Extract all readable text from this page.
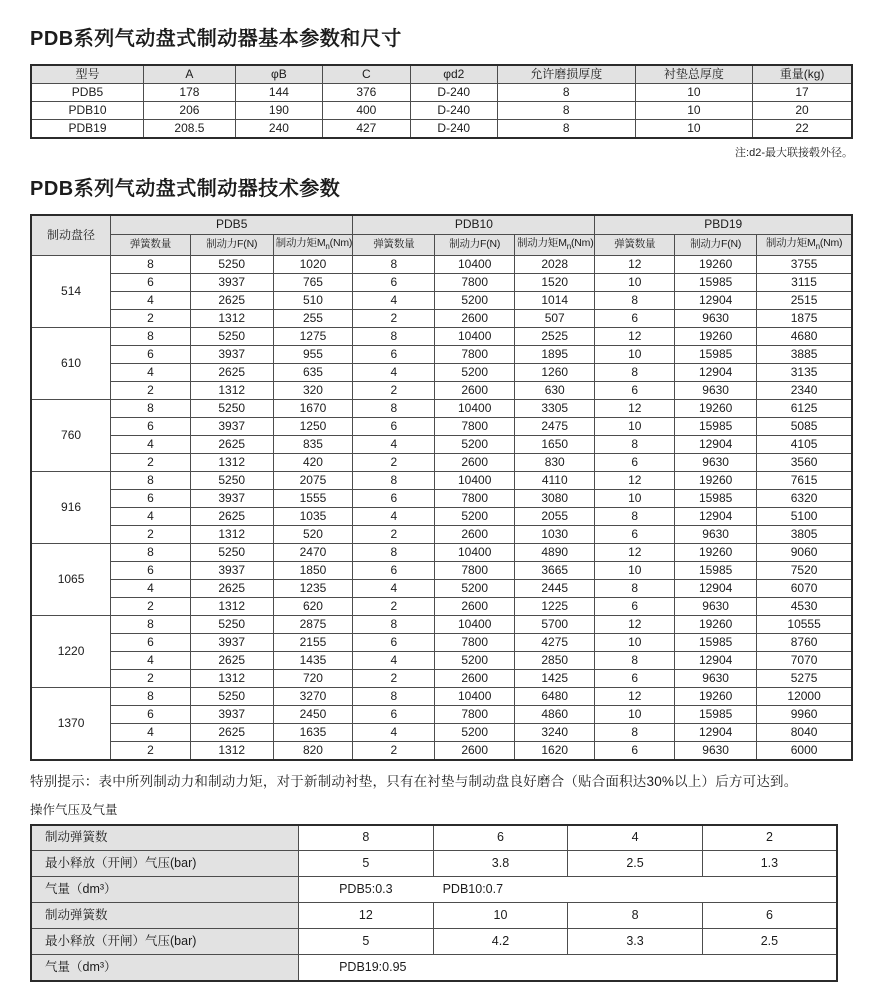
PDB系列气动盘式制动器基本参数和尺寸
型号	A	φB	C	φd2	允许磨损厚度	衬垫总厚度	重量(kg)
PDB5	178	144	376	D-240	8	10	17
PDB10	206	190	400	D-240	8	10	20
PDB19	208.5	240	427	D-240	8	10	22
注:d2-最大联接毂外径。
PDB系列气动盘式制动器技术参数
制动盘径	PDB5			PDB10			PBD19		
	弹簧数量	制动力F(N)	制动力矩$M_n(Nm)$	弹簧数量	制动力F(N)	制动力矩$M_n(Nm)$	弹簧数量	制动力F(N)	制动力矩$M_n(Nm)$
514	8	5250	1020	8	10400	2028	12	19260	3755
	6	3937	765	6	7800	1520	10	15985	3115
	4	2625	510	4	5200	1014	8	12904	2515
	2	1312	255	2	2600	507	6	9630	1875
610	8	5250	1275	8	10400	2525	12	19260	4680
	6	3937	955	6	7800	1895	10	15985	3885
	4	2625	635	4	5200	1260	8	12904	3135
	2	1312	320	2	2600	630	6	9630	2340
760	8	5250	1670	8	10400	3305	12	19260	6125
	6	3937	1250	6	7800	2475	10	15985	5085
	4	2625	835	4	5200	1650	8	12904	4105
	2	1312	420	2	2600	830	6	9630	3560
916	8	5250	2075	8	10400	4110	12	19260	7615
	6	3937	1555	6	7800	3080	10	15985	6320
	4	2625	1035	4	5200	2055	8	12904	5100
	2	1312	520	2	2600	1030	6	9630	3805
1065	8	5250	2470	8	10400	4890	12	19260	9060
	6	3937	1850	6	7800	3665	10	15985	7520
	4	2625	1235	4	5200	2445	8	12904	6070
	2	1312	620	2	2600	1225	6	9630	4530
1220	8	5250	2875	8	10400	5700	12	19260	10555
	6	3937	2155	6	7800	4275	10	15985	8760
	4	2625	1435	4	5200	2850	8	12904	7070
	2	1312	720	2	2600	1425	6	9630	5275
1370	8	5250	3270	8	10400	6480	12	19260	12000
	6	3937	2450	6	7800	4860	10	15985	9960
	4	2625	1635	4	5200	3240	8	12904	8040
	2	1312	820	2	2600	1620	6	9630	6000

特别提示：表中所列制动力和制动力矩，对于新制动衬垫，只有在衬垫与制动盘良好磨合（贴合面积达30%以上）后方可达到。

操作气压及气量

制动弹簧数	8	6	4	2
最小释放（开闸）气压(bar)	5	3.8	2.5	1.3
气量（dm³）	PDB5:0.3 PDB10:0.7			
制动弹簧数	12	10	8	6
最小释放（开闸）气压(bar)	5	4.2	3.3	2.5
气量（dm³）	PDB19:0.95			
